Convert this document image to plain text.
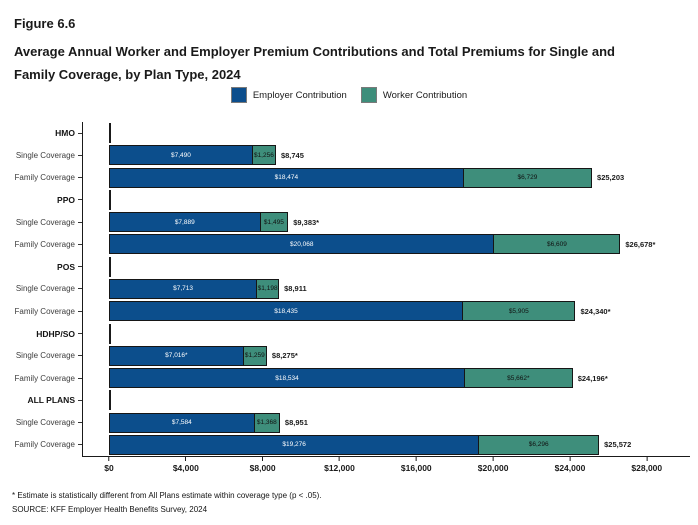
Figure 6.6
Average Annual Worker and Employer Premium Contributions and Total Premiums for Single and Family Coverage, by Plan Type, 2024
Employer Contribution	Worker Contribution
HMO
Single Coverage	$7,490	$1,256 $8,745
Family Coverage	$18,474	$6,729	$25,203
PPO
Single Coverage	$7,889	$1,495 $9,383*
Family Coverage	$20,068	$6,609	$26,678*
POS
Single Coverage	$7,713	$1,198 $8,911
Family Coverage	$18,435	$5,905	$24,340*
HDHP/SO
Single Coverage	$7,016*	$1,259 $8,275*
Family Coverage	$18,534	$5,662*	$24,196*
ALL PLANS
Single Coverage	$7,584	$1,368 $8,951
Family Coverage	$19,276	$6,296	$25,572
$0	$4,000	$8,000	$12,000	$16,000	$20,000	$24,000	$28,000
* Estimate is statistically different from All Plans estimate within coverage type (p < .05).
SOURCE: KFF Employer Health Benefits Survey, 2024
